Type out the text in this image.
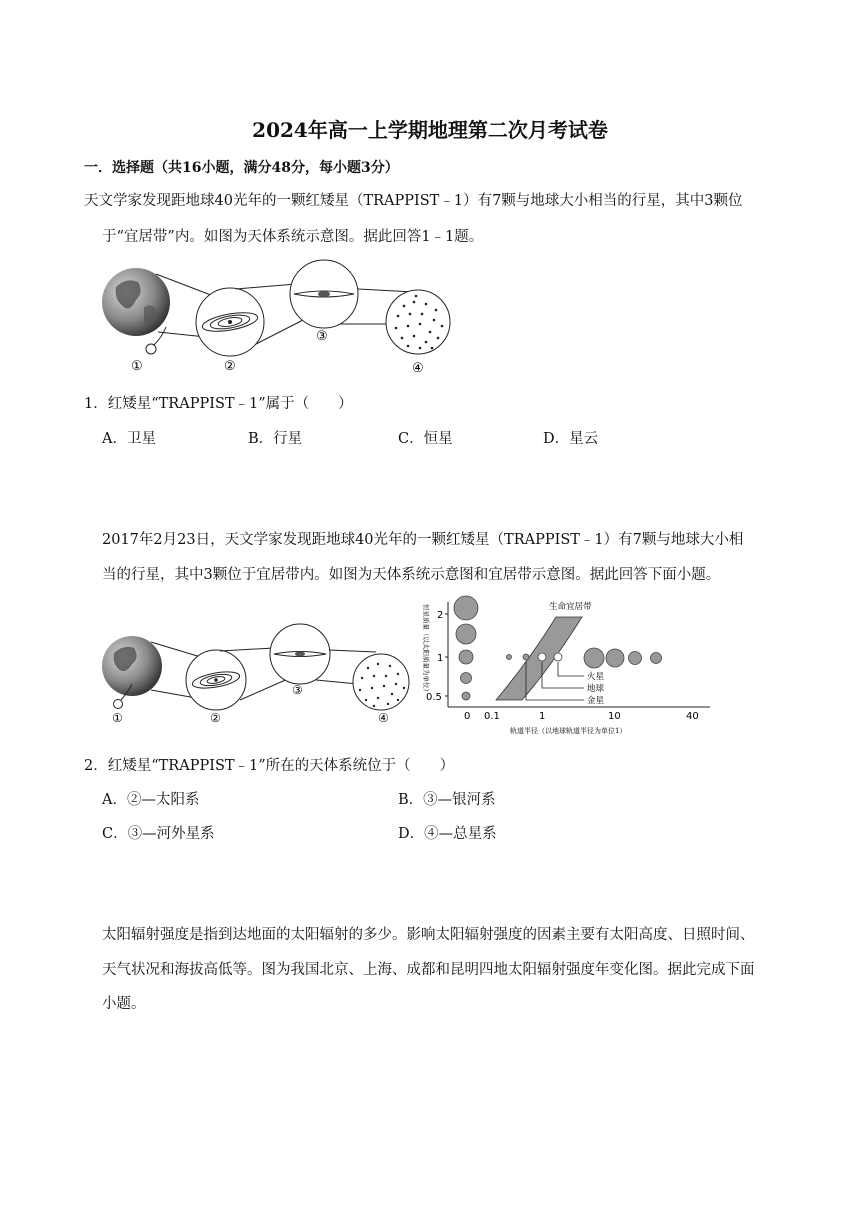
2024年高一上学期地理第二次月考试卷
一．选择题（共16小题，满分48分，每小题3分）
天文学家发现距地球40光年的一颗红矮星（TRAPPIST﹣1）有7颗与地球大小相当的行星，其中3颗位
于“宜居带”内。如图为天体系统示意图。据此回答1﹣1题。
①	②
③
④
1．红矮星“TRAPPIST﹣1”属于（　　）
A．卫星	B．行星	C．恒星	D．星云
2017年2月23日，天文学家发现距地球40光年的一颗红矮星（TRAPPIST﹣1）有7颗与地球大小相
当的行星，其中3颗位于宜居带内。如图为天体系统示意图和宜居带示意图。据此回答下面小题。
①	②
③
④
2
1
0.5
恒星质量（以太阳质量为单位）	生命宜居带
火星
地球
金星
0 0.1	1	10	40
轨道半径（以地球轨道半径为单位1）
2．红矮星“TRAPPIST﹣1”所在的天体系统位于（　　）
A．②—太阳系	B．③—银河系
C．③—河外星系	D．④—总星系
太阳辐射强度是指到达地面的太阳辐射的多少。影响太阳辐射强度的因素主要有太阳高度、日照时间、
天气状况和海拔高低等。图为我国北京、上海、成都和昆明四地太阳辐射强度年变化图。据此完成下面
小题。
